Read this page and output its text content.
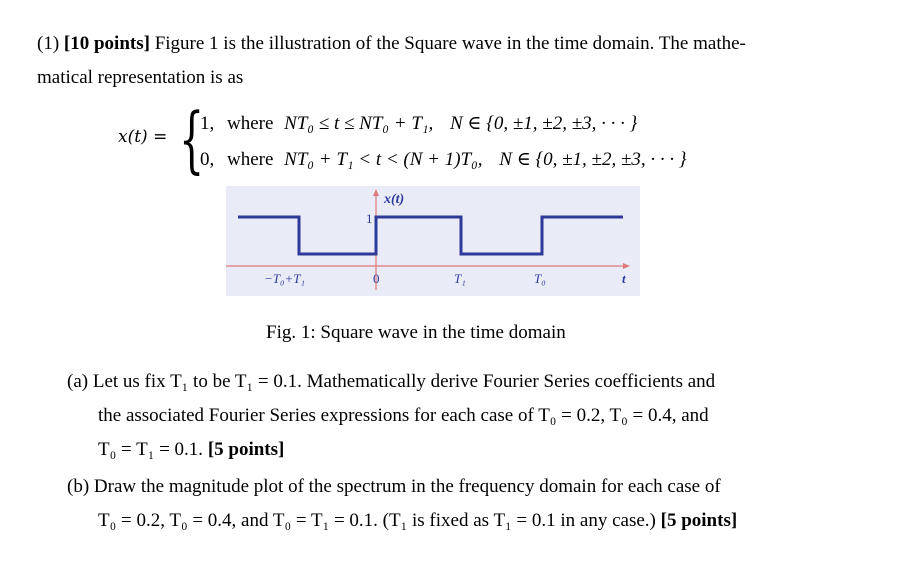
(1) [10 points] Figure 1 is the illustration of the Square wave in the time domain. The mathe-
matical representation is as
x(t) = {
1, where NT₀ ≤ t ≤ NT₀ + T₁, N ∈ {0, ±1, ±2, ±3, · · · }
0, where NT₀ + T₁ < t < (N + 1)T₀, N ∈ {0, ±1, ±2, ±3, · · · }
x(t)
1
−T₀+T₁	0	T₁	T₀	t
Fig. 1: Square wave in the time domain
(a) Let us fix T₁ to be T₁ = 0.1. Mathematically derive Fourier Series coefficients and
the associated Fourier Series expressions for each case of T₀ = 0.2, T₀ = 0.4, and
T₀ = T₁ = 0.1. [5 points]
(b) Draw the magnitude plot of the spectrum in the frequency domain for each case of
T₀ = 0.2, T₀ = 0.4, and T₀ = T₁ = 0.1. (T₁ is fixed as T₁ = 0.1 in any case.) [5 points]
